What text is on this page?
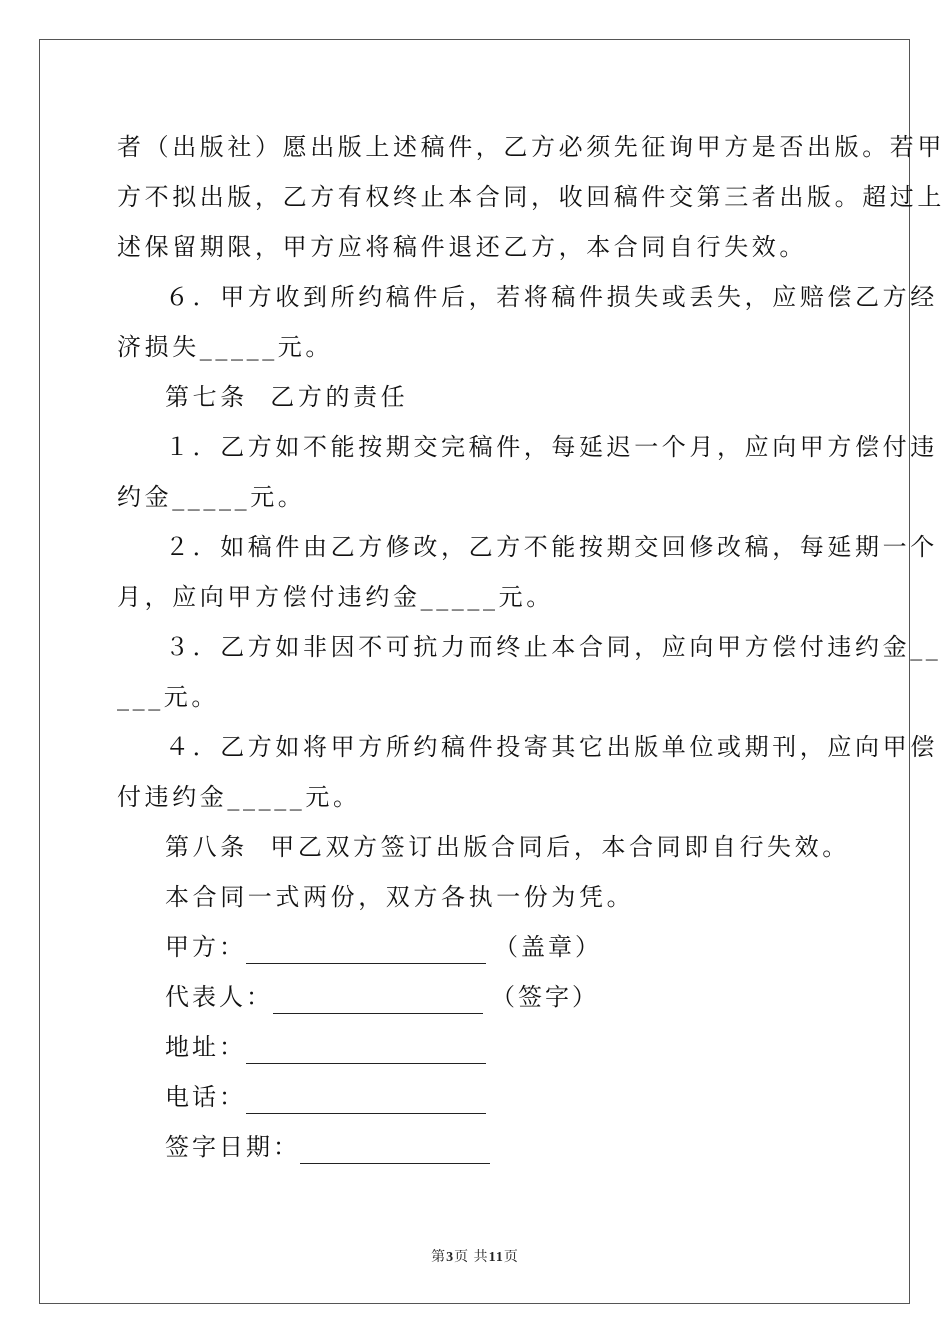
者（出版社）愿出版上述稿件，乙方必须先征询甲方是否出版。若甲
方不拟出版，乙方有权终止本合同，收回稿件交第三者出版。超过上
述保留期限，甲方应将稿件退还乙方，本合同自行失效。
６．甲方收到所约稿件后，若将稿件损失或丢失，应赔偿乙方经
济损失_____元。
第七条  乙方的责任
１．乙方如不能按期交完稿件，每延迟一个月，应向甲方偿付违
约金_____元。
２．如稿件由乙方修改，乙方不能按期交回修改稿，每延期一个
月，应向甲方偿付违约金_____元。
３．乙方如非因不可抗力而终止本合同，应向甲方偿付违约金__
___元。
４．乙方如将甲方所约稿件投寄其它出版单位或期刊，应向甲偿
付违约金_____元。
第八条  甲乙双方签订出版合同后，本合同即自行失效。
本合同一式两份，双方各执一份为凭。
甲方：	（盖章）
代表人：	（签字）
地址：
电话：
签字日期：
第3页 共11页
